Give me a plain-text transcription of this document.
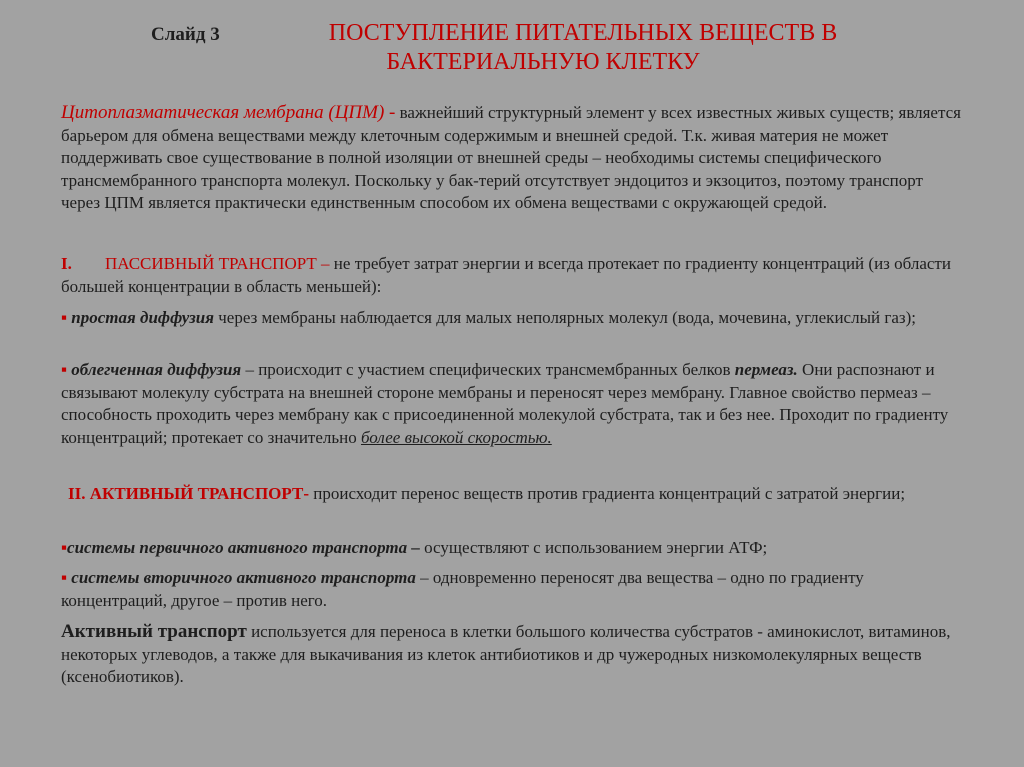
Слайд 3	ПОСТУПЛЕНИЕ ПИТАТЕЛЬНЫХ ВЕЩЕСТВ В
БАКТЕРИАЛЬНУЮ КЛЕТКУ

Цитоплазматическая мембрана (ЦПМ) - важнейший структурный элемент у всех известных живых существ; является барьером для обмена веществами между клеточным содержимым и внешней средой. Т.к. живая материя не может поддерживать свое существование в полной изоляции от внешней среды – необходимы системы специфического трансмембранного транспорта молекул. Поскольку у бак-терий отсутствует эндоцитоз и экзоцитоз, поэтому транспорт через ЦПМ является практически единственным способом их обмена веществами с окружающей средой.

I. ПАССИВНЫЙ ТРАНСПОРТ – не требует затрат энергии и всегда протекает по градиенту концентраций (из области большей концентрации в область меньшей):
▪ простая диффузия через мембраны наблюдается для малых неполярных молекул (вода, мочевина, углекислый газ);
▪ облегченная диффузия – происходит с участием специфических трансмембранных белков пермеаз. Они распознают и связывают молекулу субстрата на внешней стороне мембраны и переносят через мембрану. Главное свойство пермеаз – способность проходить через мембрану как с присоединенной молекулой субстрата, так и без нее. Проходит по градиенту концентраций; протекает со значительно более высокой скоростью.
II. АКТИВНЫЙ ТРАНСПОРТ- происходит перенос веществ против градиента концентраций с затратой энергии;
▪системы первичного активного транспорта – осуществляют с использованием энергии АТФ;
▪ системы вторичного активного транспорта – одновременно переносят два вещества – одно по градиенту концентраций, другое – против него.
Активный транспорт используется для переноса в клетки большого количества субстратов - аминокислот, витаминов, некоторых углеводов, а также для выкачивания из клеток антибиотиков и др чужеродных низкомолекулярных веществ (ксенобиотиков).
